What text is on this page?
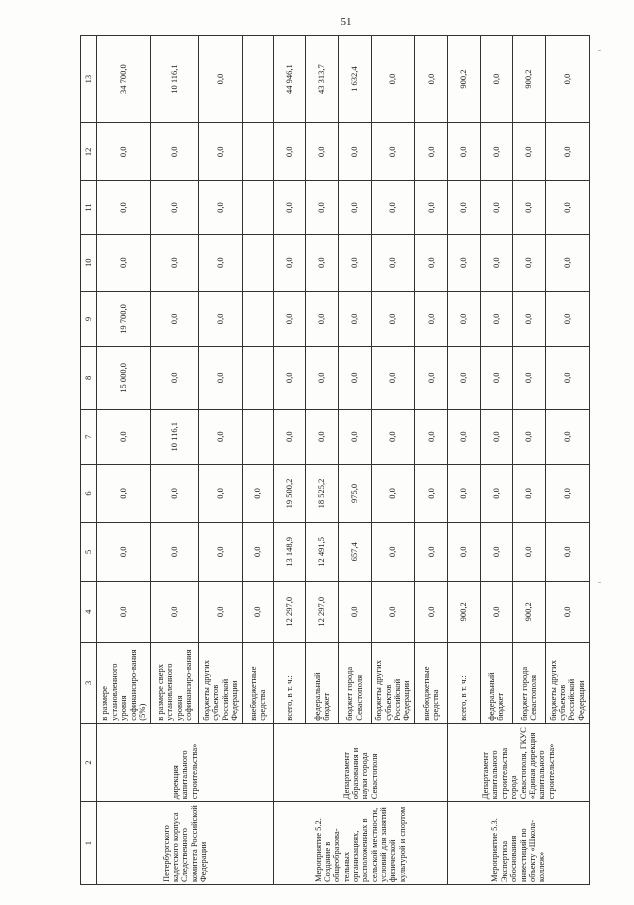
51
1	2	3	4	5	6	7	8	9	10	11	12	13
Петербургского кадетского корпуса Следственного комитета Российской Федерации	дирекция капитального строительства»	в размере установленного уровня софинансиро-вания (5%)	0,0	0,0	0,0	0,0	15 000,0	19 700,0	0,0	0,0	0,0	34 700,0
		в размере сверх установленного уровня софинансиро-вания	0,0	0,0	0,0	10 116,1	0,0	0,0	0,0	0,0	0,0	10 116,1
		бюджеты других субъектов Российской Федерации	0,0	0,0	0,0	0,0	0,0	0,0	0,0	0,0	0,0	0,0
		внебюджетные средства	0,0	0,0	0,0							
Мероприятие 5.2. Создание в общеобразова-тельных организациях, расположенных в сельской местности, условий для занятий физической культурой и спортом	Департамент образования и науки города Севастополя	всего, в т. ч.:	12 297,0	13 148,9	19 500,2	0,0	0,0	0,0	0,0	0,0	0,0	44 946,1
		федеральный бюджет	12 297,0	12 491,5	18 525,2	0,0	0,0	0,0	0,0	0,0	0,0	43 313,7
		бюджет города Севастополя	0,0	657,4	975,0	0,0	0,0	0,0	0,0	0,0	0,0	1 632,4
		бюджеты других субъектов Российской Федерации	0,0	0,0	0,0	0,0	0,0	0,0	0,0	0,0	0,0	0,0
		внебюджетные средства	0,0	0,0	0,0	0,0	0,0	0,0	0,0	0,0	0,0	0,0
Мероприятие 5.3. Экспертиза обоснования инвестиций по объекту «Школа-коллеж»	Департамент капитального строительства города Севастополя, ГКУС «Единая дирекция капитального строительства»	всего, в т. ч.:	900,2	0,0	0,0	0,0	0,0	0,0	0,0	0,0	0,0	900,2
		федеральный бюджет	0,0	0,0	0,0	0,0	0,0	0,0	0,0	0,0	0,0	0,0
		бюджет города Севастополя	900,2	0,0	0,0	0,0	0,0	0,0	0,0	0,0	0,0	900,2
		бюджеты других субъектов Российской Федерации	0,0	0,0	0,0	0,0	0,0	0,0	0,0	0,0	0,0	0,0
